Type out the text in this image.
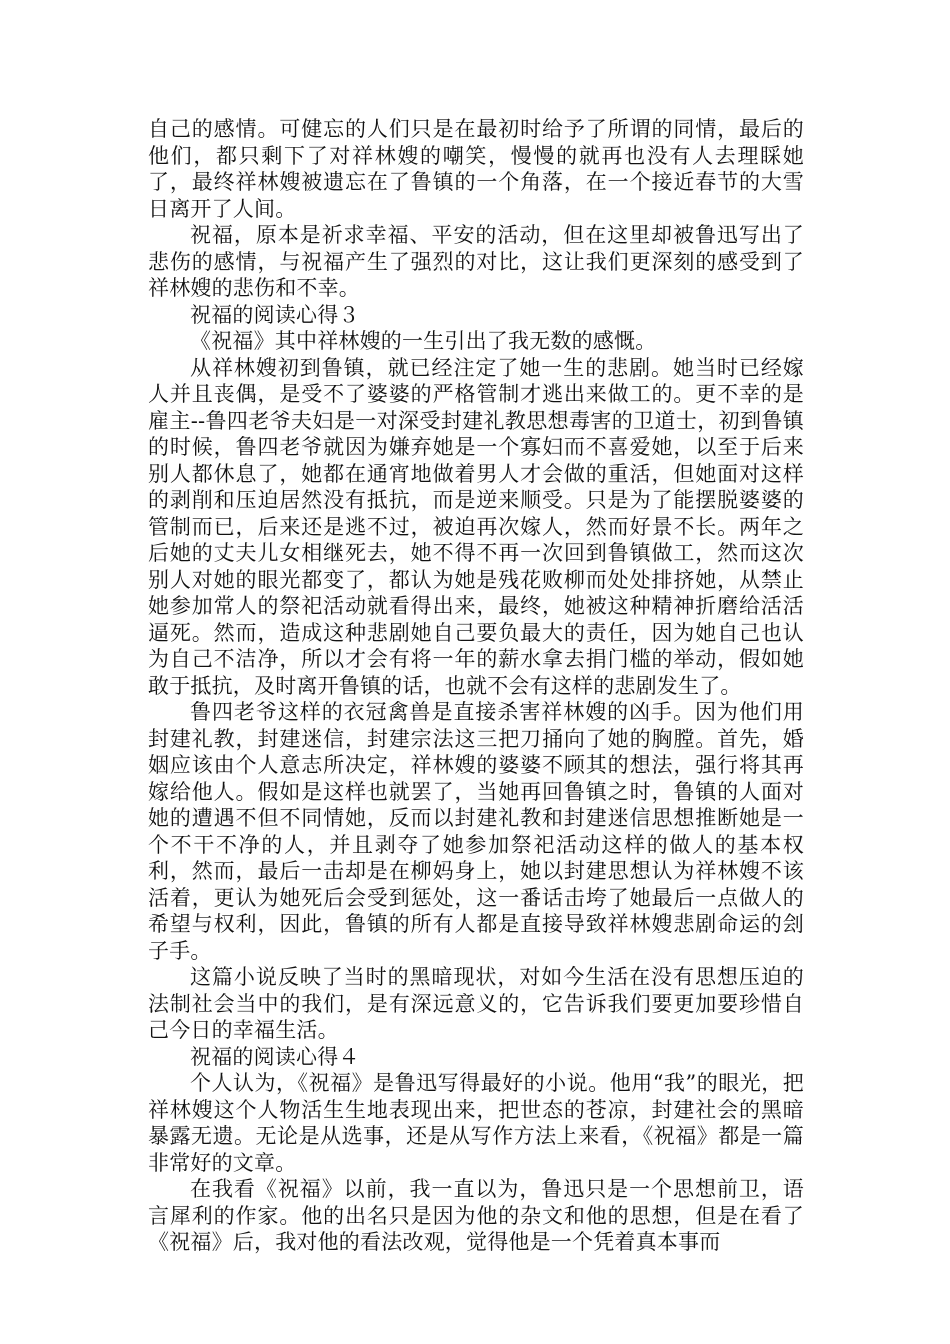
自己的感情。可健忘的人们只是在最初时给予了所谓的同情，最后的他们，都只剩下了对祥林嫂的嘲笑，慢慢的就再也没有人去理睬她了，最终祥林嫂被遗忘在了鲁镇的一个角落，在一个接近春节的大雪日离开了人间。

祝福，原本是祈求幸福、平安的活动，但在这里却被鲁迅写出了悲伤的感情，与祝福产生了强烈的对比，这让我们更深刻的感受到了祥林嫂的悲伤和不幸。

祝福的阅读心得３

《祝福》其中祥林嫂的一生引出了我无数的感慨。

从祥林嫂初到鲁镇，就已经注定了她一生的悲剧。她当时已经嫁人并且丧偶，是受不了婆婆的严格管制才逃出来做工的。更不幸的是雇主--鲁四老爷夫妇是一对深受封建礼教思想毒害的卫道士，初到鲁镇的时候，鲁四老爷就因为嫌弃她是一个寡妇而不喜爱她，以至于后来别人都休息了，她都在通宵地做着男人才会做的重活，但她面对这样的剥削和压迫居然没有抵抗，而是逆来顺受。只是为了能摆脱婆婆的管制而已，后来还是逃不过，被迫再次嫁人，然而好景不长。两年之后她的丈夫儿女相继死去，她不得不再一次回到鲁镇做工，然而这次别人对她的眼光都变了，都认为她是残花败柳而处处排挤她，从禁止她参加常人的祭祀活动就看得出来，最终，她被这种精神折磨给活活逼死。然而，造成这种悲剧她自己要负最大的责任，因为她自己也认为自己不洁净，所以才会有将一年的薪水拿去捐门槛的举动，假如她敢于抵抗，及时离开鲁镇的话，也就不会有这样的悲剧发生了。

鲁四老爷这样的衣冠禽兽是直接杀害祥林嫂的凶手。因为他们用封建礼教，封建迷信，封建宗法这三把刀捅向了她的胸膛。首先，婚姻应该由个人意志所决定，祥林嫂的婆婆不顾其的想法，强行将其再嫁给他人。假如是这样也就罢了，当她再回鲁镇之时，鲁镇的人面对她的遭遇不但不同情她，反而以封建礼教和封建迷信思想推断她是一个不干不净的人，并且剥夺了她参加祭祀活动这样的做人的基本权利，然而，最后一击却是在柳妈身上，她以封建思想认为祥林嫂不该活着，更认为她死后会受到惩处，这一番话击垮了她最后一点做人的希望与权利，因此，鲁镇的所有人都是直接导致祥林嫂悲剧命运的刽子手。

这篇小说反映了当时的黑暗现状，对如今生活在没有思想压迫的法制社会当中的我们，是有深远意义的，它告诉我们要更加要珍惜自己今日的幸福生活。

祝福的阅读心得４

个人认为，《祝福》是鲁迅写得最好的小说。他用“我”的眼光，把祥林嫂这个人物活生生地表现出来，把世态的苍凉，封建社会的黑暗暴露无遗。无论是从选事，还是从写作方法上来看，《祝福》都是一篇非常好的文章。

在我看《祝福》以前，我一直以为，鲁迅只是一个思想前卫，语言犀利的作家。他的出名只是因为他的杂文和他的思想，但是在看了《祝福》后，我对他的看法改观，觉得他是一个凭着真本事而
